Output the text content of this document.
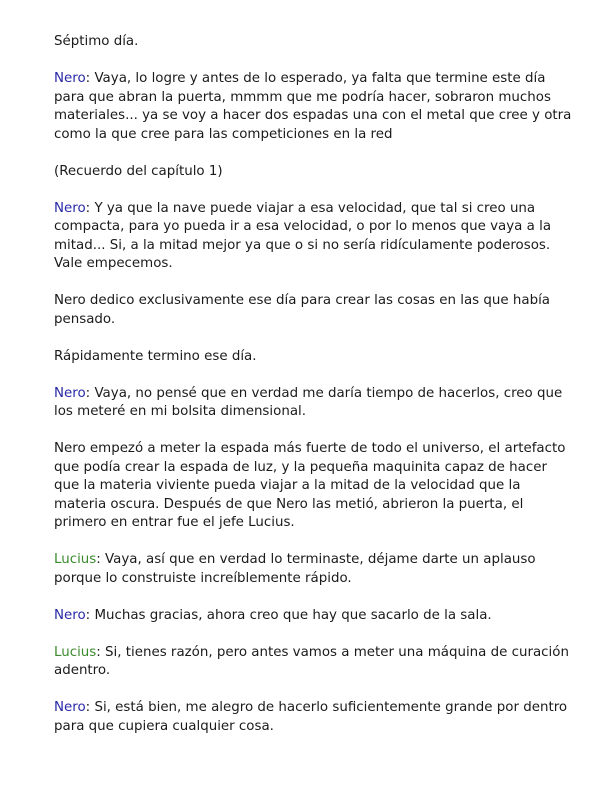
Séptimo día.

Nero: Vaya, lo logre y antes de lo esperado, ya falta que termine este día para que abran la puerta, mmmm que me podría hacer, sobraron muchos materiales... ya se voy a hacer dos espadas una con el metal que cree y otra como la que cree para las competiciones en la red

(Recuerdo del capítulo 1)

Nero: Y ya que la nave puede viajar a esa velocidad, que tal si creo una compacta, para yo pueda ir a esa velocidad, o por lo menos que vaya a la mitad... Si, a la mitad mejor ya que o si no sería ridículamente poderosos. Vale empecemos.

Nero dedico exclusivamente ese día para crear las cosas en las que había pensado.

Rápidamente termino ese día.

Nero: Vaya, no pensé que en verdad me daría tiempo de hacerlos, creo que los meteré en mi bolsita dimensional.

Nero empezó a meter la espada más fuerte de todo el universo, el artefacto que podía crear la espada de luz, y la pequeña maquinita capaz de hacer que la materia viviente pueda viajar a la mitad de la velocidad que la materia oscura. Después de que Nero las metió, abrieron la puerta, el primero en entrar fue el jefe Lucius.

Lucius: Vaya, así que en verdad lo terminaste, déjame darte un aplauso porque lo construiste increíblemente rápido.

Nero: Muchas gracias, ahora creo que hay que sacarlo de la sala.

Lucius: Si, tienes razón, pero antes vamos a meter una máquina de curación adentro.

Nero: Si, está bien, me alegro de hacerlo suficientemente grande por dentro para que cupiera cualquier cosa.
